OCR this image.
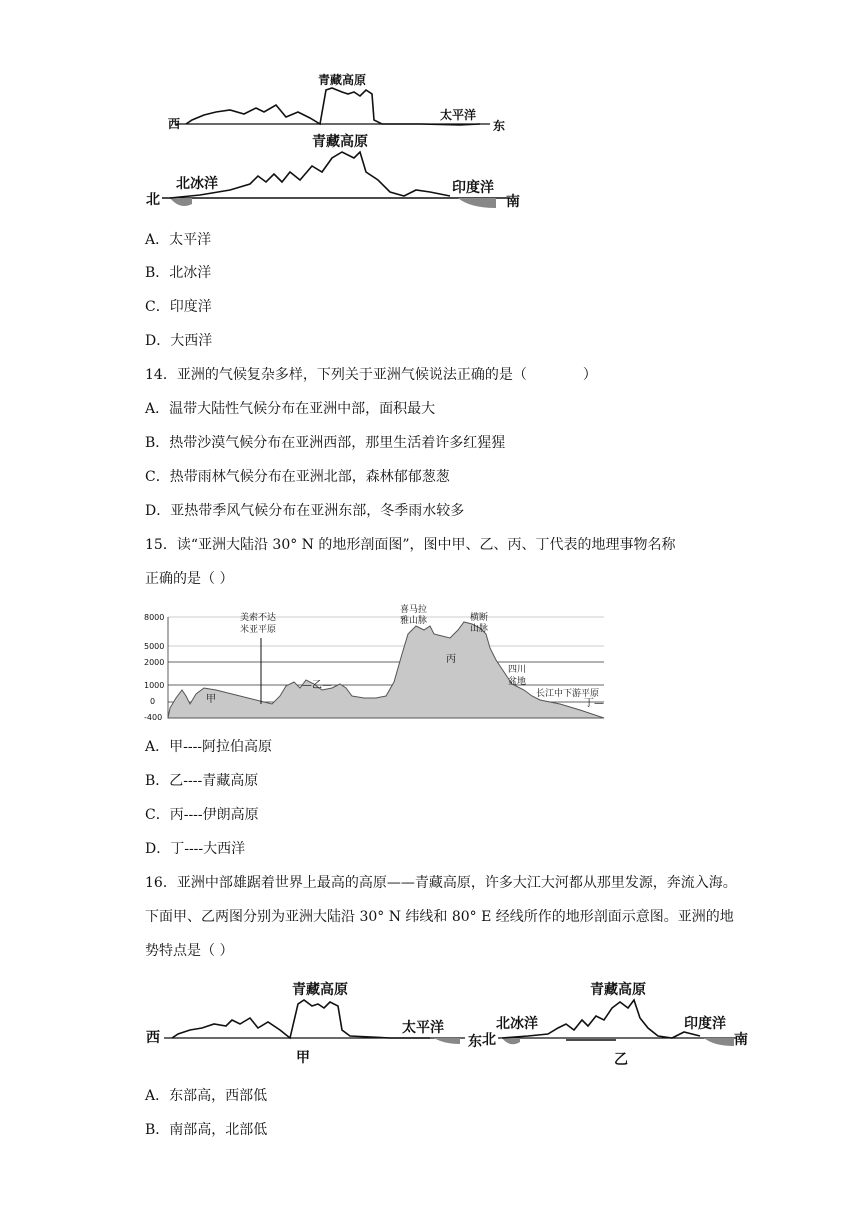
西	东
青藏高原
太平洋
北	南
青藏高原
北冰洋	印度洋
A．太平洋
B．北冰洋
C．印度洋
D．大西洋
14．亚洲的气候复杂多样，下列关于亚洲气候说法正确的是（　　　　）
A．温带大陆性气候分布在亚洲中部，面积最大
B．热带沙漠气候分布在亚洲西部，那里生活着许多红猩猩
C．热带雨林气候分布在亚洲北部，森林郁郁葱葱
D．亚热带季风气候分布在亚洲东部，冬季雨水较多
15．读“亚洲大陆沿 30° N 的地形剖面图”，图中甲、乙、丙、丁代表的地理事物名称
正确的是（ ）
8000
5000
2000
1000
0
-400
美索不达
米亚平原
喜马拉
雅山脉	横断
山脉
四川
盆地
长江中下游平原
甲
—乙—
丙
丁—
A．甲----阿拉伯高原
B．乙----青藏高原
C．丙----伊朗高原
D．丁----大西洋
16．亚洲中部雄踞着世界上最高的高原——青藏高原，许多大江大河都从那里发源，奔流入海。下面甲、乙两图分别为亚洲大陆沿 30° N 纬线和 80° E 经线所作的地形剖面示意图。亚洲的地势特点是（ ）
西	东
青藏高原
太平洋
甲
北	南
青藏高原
北冰洋	印度洋
乙
A．东部高，西部低
B．南部高，北部低
